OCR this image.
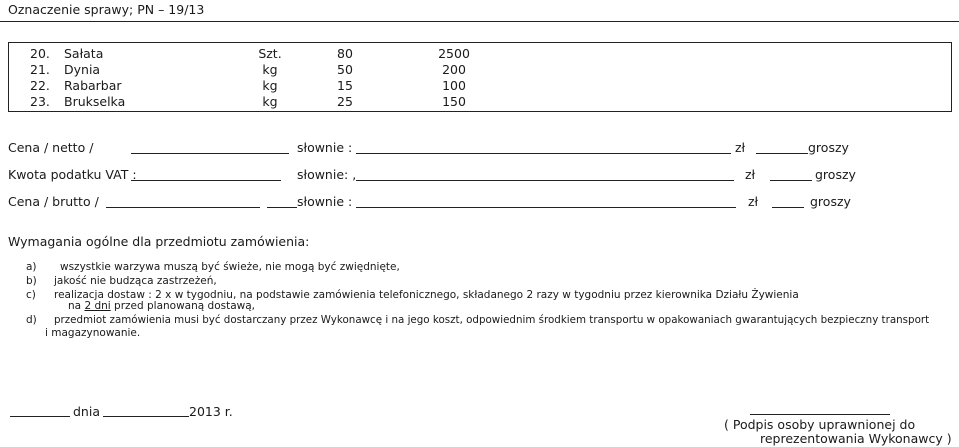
Oznaczenie sprawy; PN – 19/13
20. Sałata	Szt.	80	2500
21. Dynia	kg	50	200
22. Rabarbar	kg	15	100
23. Brukselka	kg	25	150
Cena / netto /	słownie :	zł	groszy
Kwota podatku VAT :	słownie: ,	zł	groszy
Cena / brutto /	słownie :	zł	groszy
Wymagania ogólne dla przedmiotu zamówienia:
a) wszystkie warzywa muszą być świeże, nie mogą być zwiędnięte,
b) jakość nie budząca zastrzeżeń,
c) realizacja dostaw : 2 x w tygodniu, na podstawie zamówienia telefonicznego, składanego 2 razy w tygodniu przez kierownika Działu Żywienia
na 2 dni przed planowaną dostawą,
d) przedmiot zamówienia musi być dostarczany przez Wykonawcę i na jego koszt, odpowiednim środkiem transportu w opakowaniach gwarantujących bezpieczny transport
i magazynowanie.
dnia	2013 r.
( Podpis osoby uprawnionej do
reprezentowania Wykonawcy )
